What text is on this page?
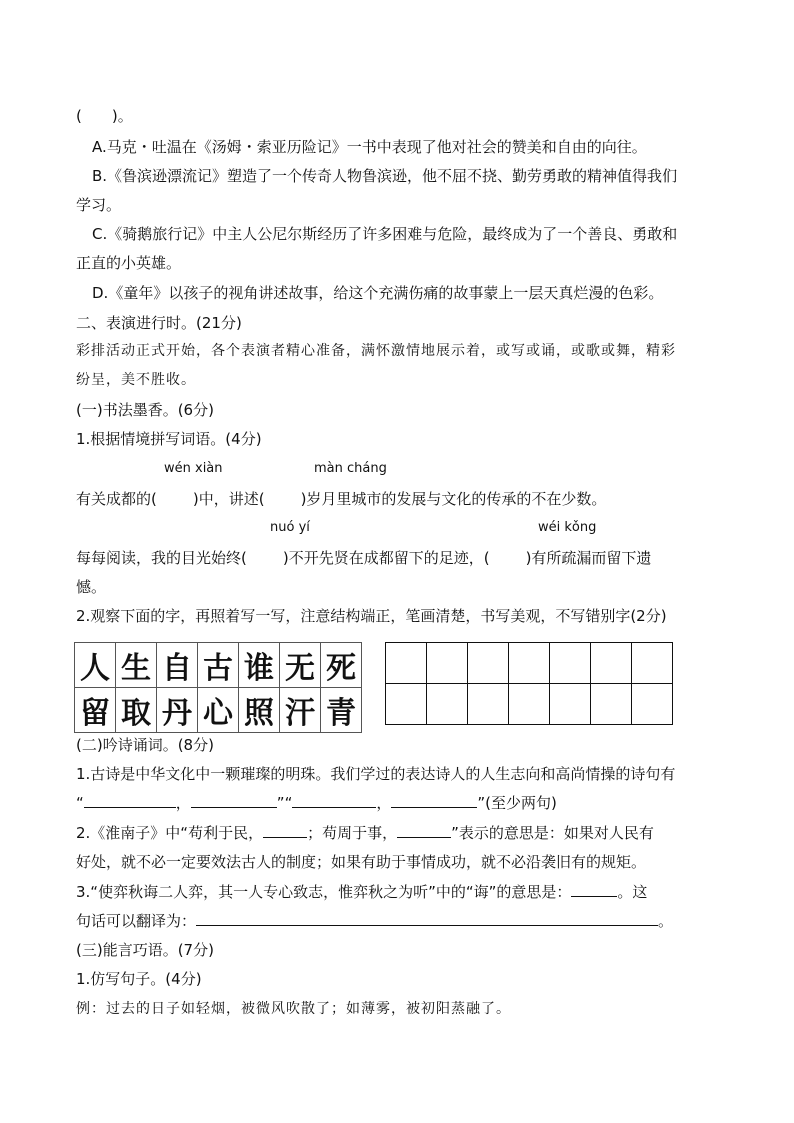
(　　)。
A.马克・吐温在《汤姆・索亚历险记》一书中表现了他对社会的赞美和自由的向往。
B.《鲁滨逊漂流记》塑造了一个传奇人物鲁滨逊，他不屈不挠、勤劳勇敢的精神值得我们
学习。
C.《骑鹅旅行记》中主人公尼尔斯经历了许多困难与危险，最终成为了一个善良、勇敢和
正直的小英雄。
D.《童年》以孩子的视角讲述故事，给这个充满伤痛的故事蒙上一层天真烂漫的色彩。
二、表演进行时。(21分)
彩排活动正式开始，各个表演者精心准备，满怀激情地展示着，或写或诵，或歌或舞，精彩
纷呈，美不胜收。
(一)书法墨香。(6分)
1.根据情境拼写词语。(4分)
wén xiàn	màn cháng
有关成都的( )中，讲述( )岁月里城市的发展与文化的传承的不在少数。
nuó yí	wéi kǒng
每每阅读，我的目光始终( )不开先贤在成都留下的足迹，( )有所疏漏而留下遗
憾。
2.观察下面的字，再照着写一写，注意结构端正，笔画清楚，书写美观，不写错别字(2分)
人	生	自	古	谁	无	死
留	取	丹	心	照	汗	青

(二)吟诗诵词。(8分)
1.古诗是中华文化中一颗璀璨的明珠。我们学过的表达诗人的人生志向和高尚情操的诗句有
“	，	”“	，	”(至少两句)
2.《淮南子》中“苟利于民，	；苟周于事，	”表示的意思是：如果对人民有
好处，就不必一定要效法古人的制度；如果有助于事情成功，就不必沿袭旧有的规矩。
3.“使弈秋诲二人弈，其一人专心致志，惟弈秋之为听”中的“诲”的意思是：	。这
句话可以翻译为：	。
(三)能言巧语。(7分)
1.仿写句子。(4分)
例：过去的日子如轻烟，被微风吹散了；如薄雾，被初阳蒸融了。
